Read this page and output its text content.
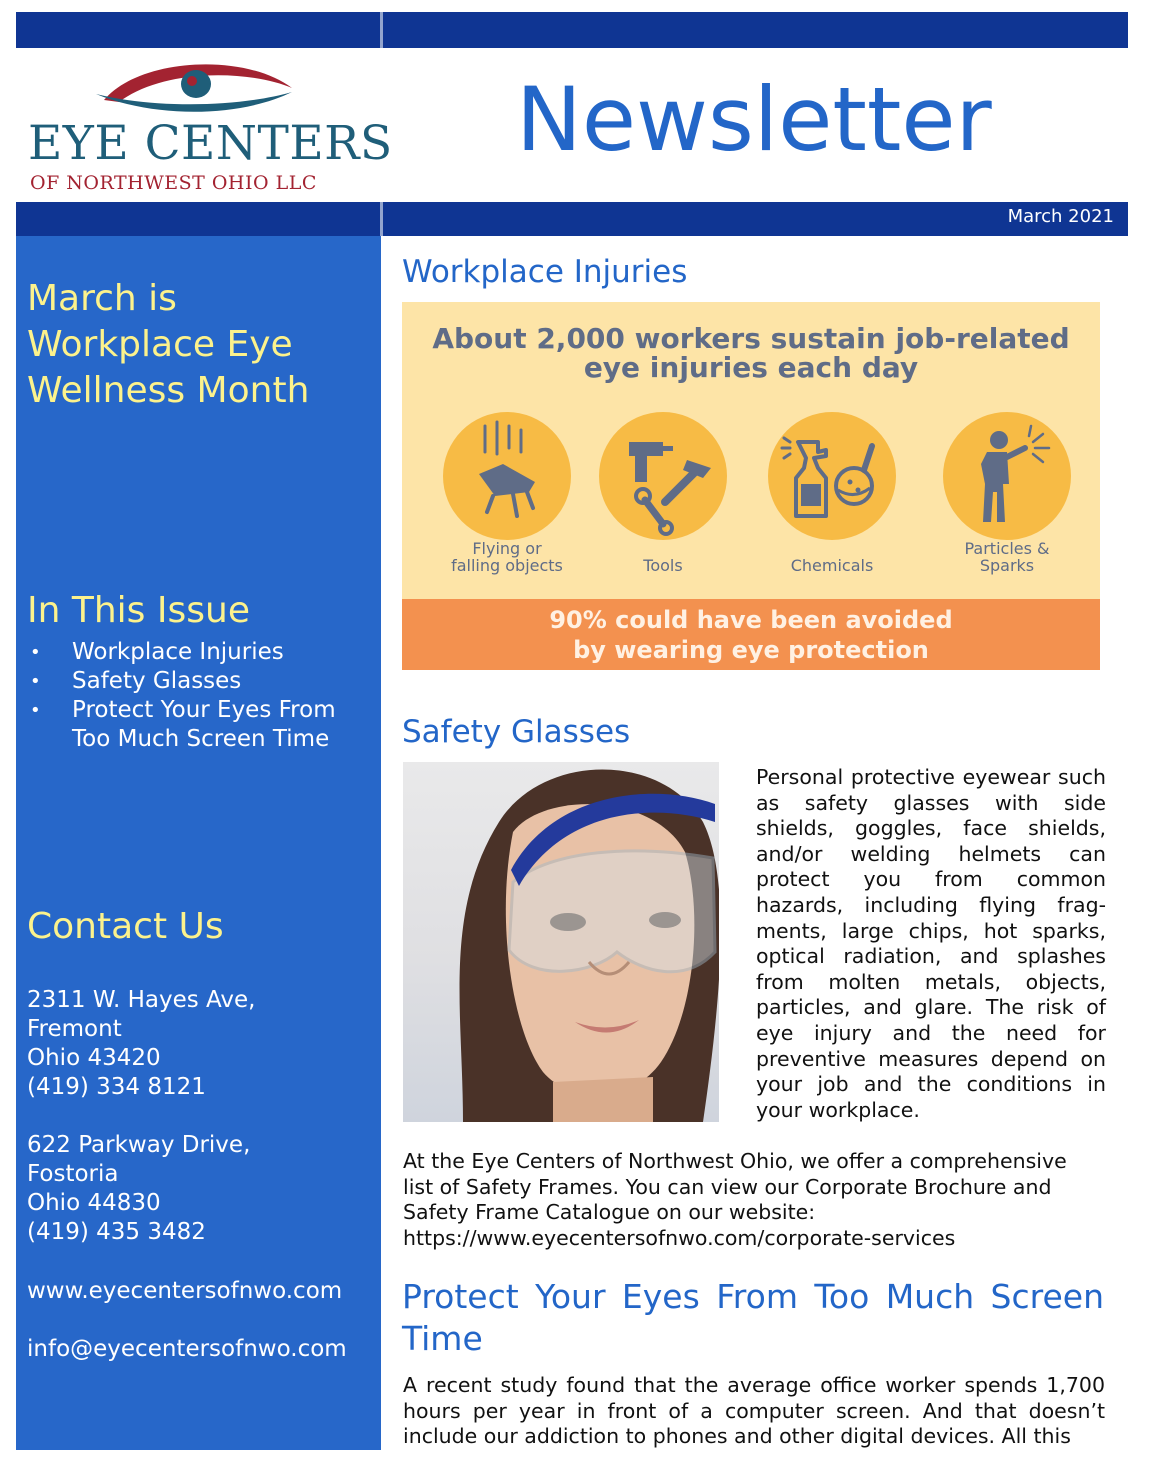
EYE CENTERS
OF NORTHWEST OHIO LLC
Newsletter
March 2021
March is Workplace Eye Wellness Month
In This Issue
• Workplace Injuries
• Safety Glasses
• Protect Your Eyes From Too Much Screen Time
Contact Us
2311 W. Hayes Ave,
Fremont
Ohio 43420
(419) 334 8121
622 Parkway Drive,
Fostoria
Ohio 44830
(419) 435 3482
www.eyecentersofnwo.com
info@eyecentersofnwo.com
Workplace Injuries
About 2,000 workers sustain job-related
eye injuries each day
Flying or
falling objects
	Tools
	Chemicals
Particles &
Sparks
90% could have been avoided
by wearing eye protection
Safety Glasses
Personal protective eyewear such as safety glasses with side shields, goggles, face shields, and/or welding helmets can protect you from common hazards, including flying fragments, large chips, hot sparks, optical radiation, and splashes from molten metals, objects, particles, and glare. The risk of eye injury and the need for preventive measures depend on your job and the conditions in your workplace.
At the Eye Centers of Northwest Ohio, we offer a comprehensive
list of Safety Frames. You can view our Corporate Brochure and
Safety Frame Catalogue on our website:
https://www.eyecentersofnwo.com/corporate-services
Protect Your Eyes From Too Much Screen
Time
A recent study found that the average office worker spends 1,700 hours per year in front of a computer screen. And that doesn’t include our addiction to phones and other digital devices. All this
